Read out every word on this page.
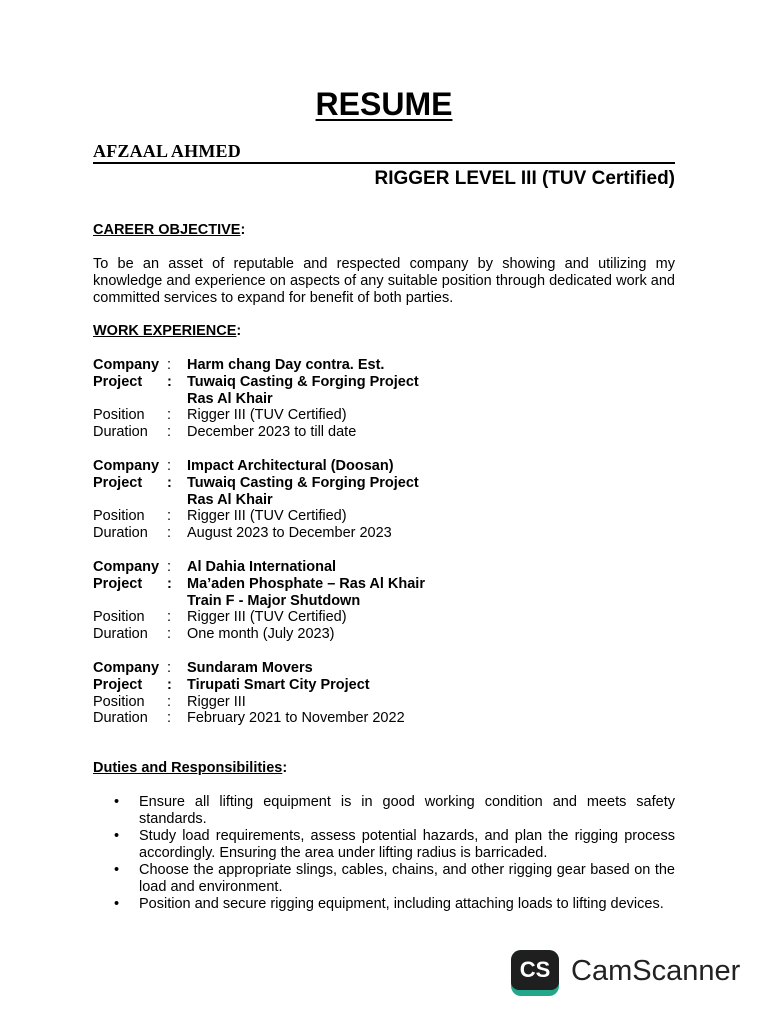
RESUME
AFZAAL AHMED
RIGGER LEVEL III (TUV Certified)
CAREER OBJECTIVE:
To be an asset of reputable and respected company by showing and utilizing my knowledge and experience on aspects of any suitable position through dedicated work and committed services to expand for benefit of both parties.
WORK EXPERIENCE:
Company :	Harm chang Day contra. Est.
Project	:	Tuwaiq Casting & Forging Project
Ras Al Khair
Position	:	Rigger III (TUV Certified)
Duration	:	December 2023 to till date
Company :	Impact Architectural (Doosan)
Project	:	Tuwaiq Casting & Forging Project
Ras Al Khair
Position	:	Rigger III (TUV Certified)
Duration	:	August 2023 to December 2023
Company :	Al Dahia International
Project	:	Ma’aden Phosphate – Ras Al Khair
Train F - Major Shutdown
Position	:	Rigger III (TUV Certified)
Duration	:	One month (July 2023)
Company :	Sundaram Movers
Project	:	Tirupati Smart City Project
Position	:	Rigger III
Duration	:	February 2021 to November 2022
Duties and Responsibilities:
• Ensure all lifting equipment is in good working condition and meets safety standards.
• Study load requirements, assess potential hazards, and plan the rigging process accordingly. Ensuring the area under lifting radius is barricaded.
• Choose the appropriate slings, cables, chains, and other rigging gear based on the load and environment.
• Position and secure rigging equipment, including attaching loads to lifting devices.
CS CamScanner
